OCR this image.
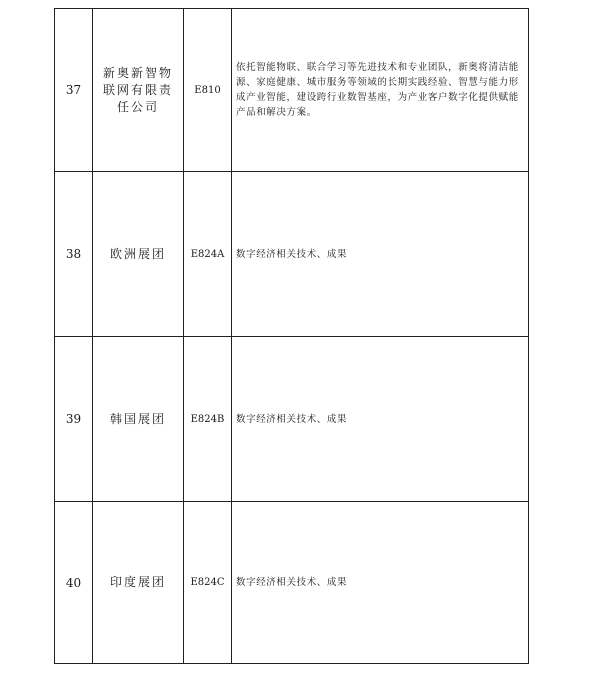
37	新奥新智物联网有限责任公司	E810	依托智能物联、联合学习等先进技术和专业团队，新奥将清洁能源、家庭健康、城市服务等领域的长期实践经验、智慧与能力形成产业智能，建设跨行业数智基座，为产业客户数字化提供赋能产品和解决方案。
38	欧洲展团	E824A	数字经济相关技术、成果
39	韩国展团	E824B	数字经济相关技术、成果
40	印度展团	E824C	数字经济相关技术、成果
